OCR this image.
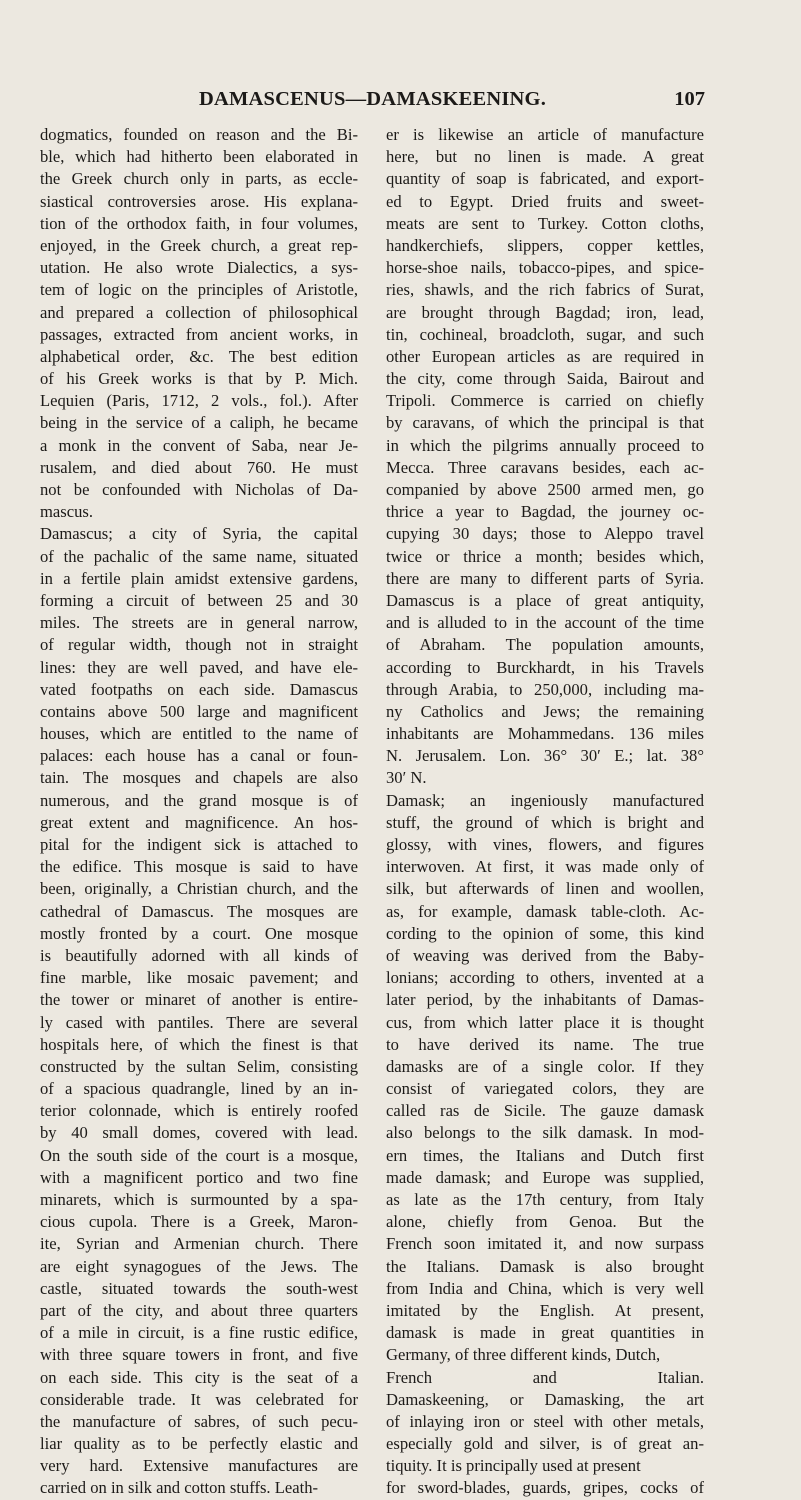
DAMASCENUS—DAMASKEENING.	107
dogmatics, founded on reason and the Bi-
ble, which had hitherto been elaborated in
the Greek church only in parts, as eccle-
siastical controversies arose. His explana-
tion of the orthodox faith, in four volumes,
enjoyed, in the Greek church, a great rep-
utation. He also wrote Dialectics, a sys-
tem of logic on the principles of Aristotle,
and prepared a collection of philosophical
passages, extracted from ancient works, in
alphabetical order, &c. The best edition
of his Greek works is that by P. Mich.
Lequien (Paris, 1712, 2 vols., fol.). After
being in the service of a caliph, he became
a monk in the convent of Saba, near Je-
rusalem, and died about 760. He must
not be confounded with Nicholas of Da-
mascus.
Damascus; a city of Syria, the capital
of the pachalic of the same name, situated
in a fertile plain amidst extensive gardens,
forming a circuit of between 25 and 30
miles. The streets are in general narrow,
of regular width, though not in straight
lines: they are well paved, and have ele-
vated footpaths on each side. Damascus
contains above 500 large and magnificent
houses, which are entitled to the name of
palaces: each house has a canal or foun-
tain. The mosques and chapels are also
numerous, and the grand mosque is of
great extent and magnificence. An hos-
pital for the indigent sick is attached to
the edifice. This mosque is said to have
been, originally, a Christian church, and the
cathedral of Damascus. The mosques are
mostly fronted by a court. One mosque
is beautifully adorned with all kinds of
fine marble, like mosaic pavement; and
the tower or minaret of another is entire-
ly cased with pantiles. There are several
hospitals here, of which the finest is that
constructed by the sultan Selim, consisting
of a spacious quadrangle, lined by an in-
terior colonnade, which is entirely roofed
by 40 small domes, covered with lead.
On the south side of the court is a mosque,
with a magnificent portico and two fine
minarets, which is surmounted by a spa-
cious cupola. There is a Greek, Maron-
ite, Syrian and Armenian church. There
are eight synagogues of the Jews. The
castle, situated towards the south-west
part of the city, and about three quarters
of a mile in circuit, is a fine rustic edifice,
with three square towers in front, and five
on each side. This city is the seat of a
considerable trade. It was celebrated for
the manufacture of sabres, of such pecu-
liar quality as to be perfectly elastic and
very hard. Extensive manufactures are
carried on in silk and cotton stuffs. Leath-
er is likewise an article of manufacture
here, but no linen is made. A great
quantity of soap is fabricated, and export-
ed to Egypt. Dried fruits and sweet-
meats are sent to Turkey. Cotton cloths,
handkerchiefs, slippers, copper kettles,
horse-shoe nails, tobacco-pipes, and spice-
ries, shawls, and the rich fabrics of Surat,
are brought through Bagdad; iron, lead,
tin, cochineal, broadcloth, sugar, and such
other European articles as are required in
the city, come through Saida, Bairout and
Tripoli. Commerce is carried on chiefly
by caravans, of which the principal is that
in which the pilgrims annually proceed to
Mecca. Three caravans besides, each ac-
companied by above 2500 armed men, go
thrice a year to Bagdad, the journey oc-
cupying 30 days; those to Aleppo travel
twice or thrice a month; besides which,
there are many to different parts of Syria.
Damascus is a place of great antiquity,
and is alluded to in the account of the time
of Abraham. The population amounts,
according to Burckhardt, in his Travels
through Arabia, to 250,000, including ma-
ny Catholics and Jews; the remaining
inhabitants are Mohammedans. 136 miles
N. Jerusalem. Lon. 36° 30′ E.; lat. 38°
30′ N.
Damask; an ingeniously manufactured
stuff, the ground of which is bright and
glossy, with vines, flowers, and figures
interwoven. At first, it was made only of
silk, but afterwards of linen and woollen,
as, for example, damask table-cloth. Ac-
cording to the opinion of some, this kind
of weaving was derived from the Baby-
lonians; according to others, invented at a
later period, by the inhabitants of Damas-
cus, from which latter place it is thought
to have derived its name. The true
damasks are of a single color. If they
consist of variegated colors, they are
called ras de Sicile. The gauze damask
also belongs to the silk damask. In mod-
ern times, the Italians and Dutch first
made damask; and Europe was supplied,
as late as the 17th century, from Italy
alone, chiefly from Genoa. But the
French soon imitated it, and now surpass
the Italians. Damask is also brought
from India and China, which is very well
imitated by the English. At present,
damask is made in great quantities in
Germany, of three different kinds, Dutch,
French and Italian.
Damaskeening, or Damasking, the art
of inlaying iron or steel with other metals,
especially gold and silver, is of great an-
tiquity. It is principally used at present
for sword-blades, guards, gripes, cocks of
